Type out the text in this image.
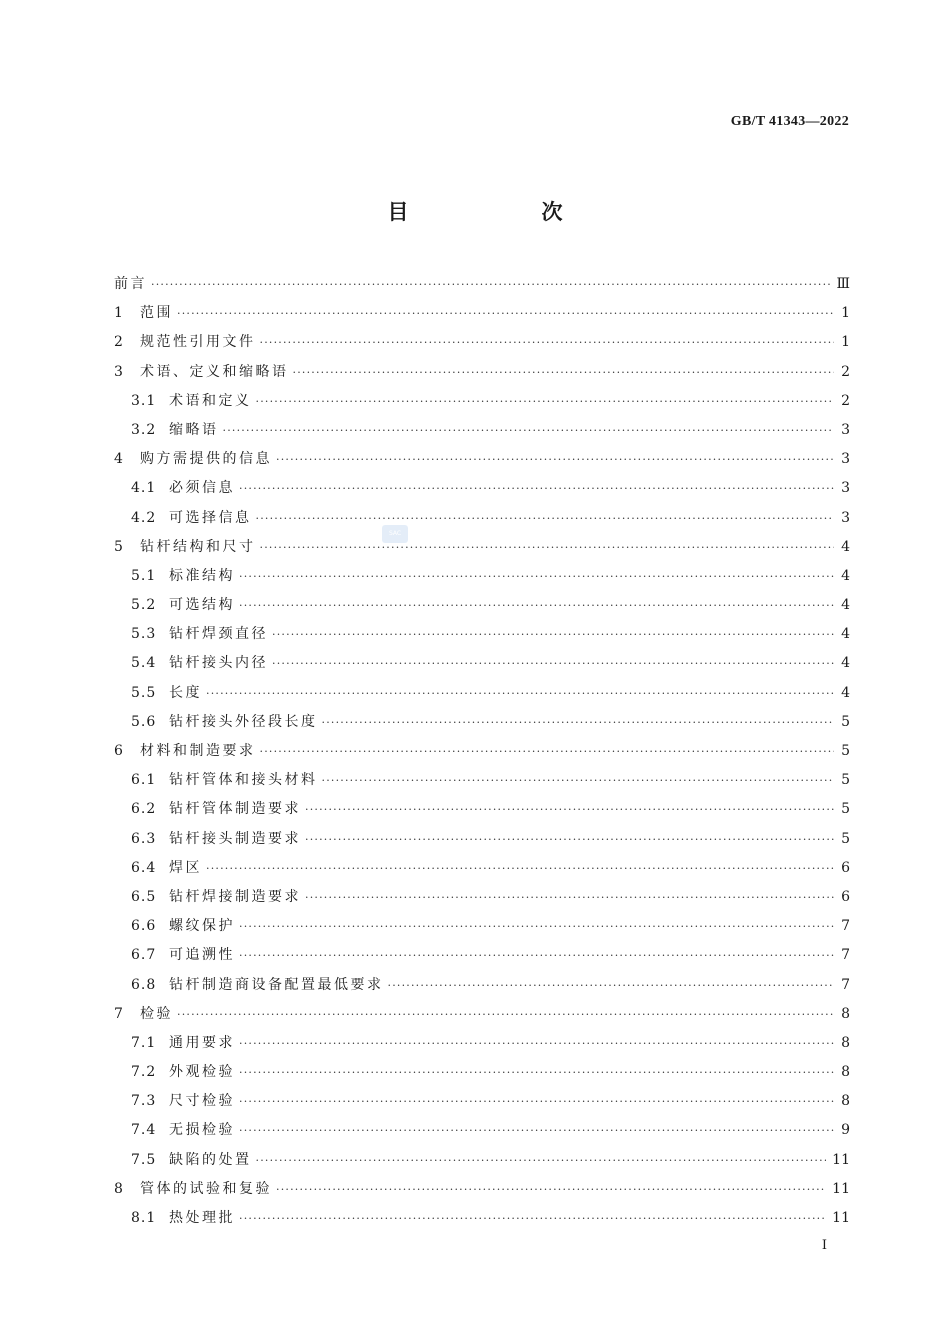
GB/T 41343—2022
目　次
SAC
前言 ·····	Ⅲ
1	范围 ·····	1
2	规范性引用文件 ·····	1
3	术语、定义和缩略语 ·····	2
3.1 术语和定义 ·····	2
3.2 缩略语 ·····	3
4	购方需提供的信息 ·····	3
4.1 必须信息 ·····	3
4.2 可选择信息 ·····	3
5	钻杆结构和尺寸 ·····	4
5.1 标准结构 ·····	4
5.2 可选结构 ·····	4
5.3 钻杆焊颈直径 ·····	4
5.4 钻杆接头内径 ·····	4
5.5 长度 ·····	4
5.6 钻杆接头外径段长度 ·····	5
6	材料和制造要求 ·····	5
6.1 钻杆管体和接头材料 ·····	5
6.2 钻杆管体制造要求 ·····	5
6.3 钻杆接头制造要求 ·····	5
6.4 焊区 ·····	6
6.5 钻杆焊接制造要求 ·····	6
6.6 螺纹保护 ·····	7
6.7 可追溯性 ·····	7
6.8 钻杆制造商设备配置最低要求 ·····	7
7	检验 ·····	8
7.1 通用要求 ·····	8
7.2 外观检验 ·····	8
7.3 尺寸检验 ·····	8
7.4 无损检验 ·····	9
7.5 缺陷的处置 ·····	11
8	管体的试验和复验 ·····	11
8.1 热处理批 ·····	11
I
